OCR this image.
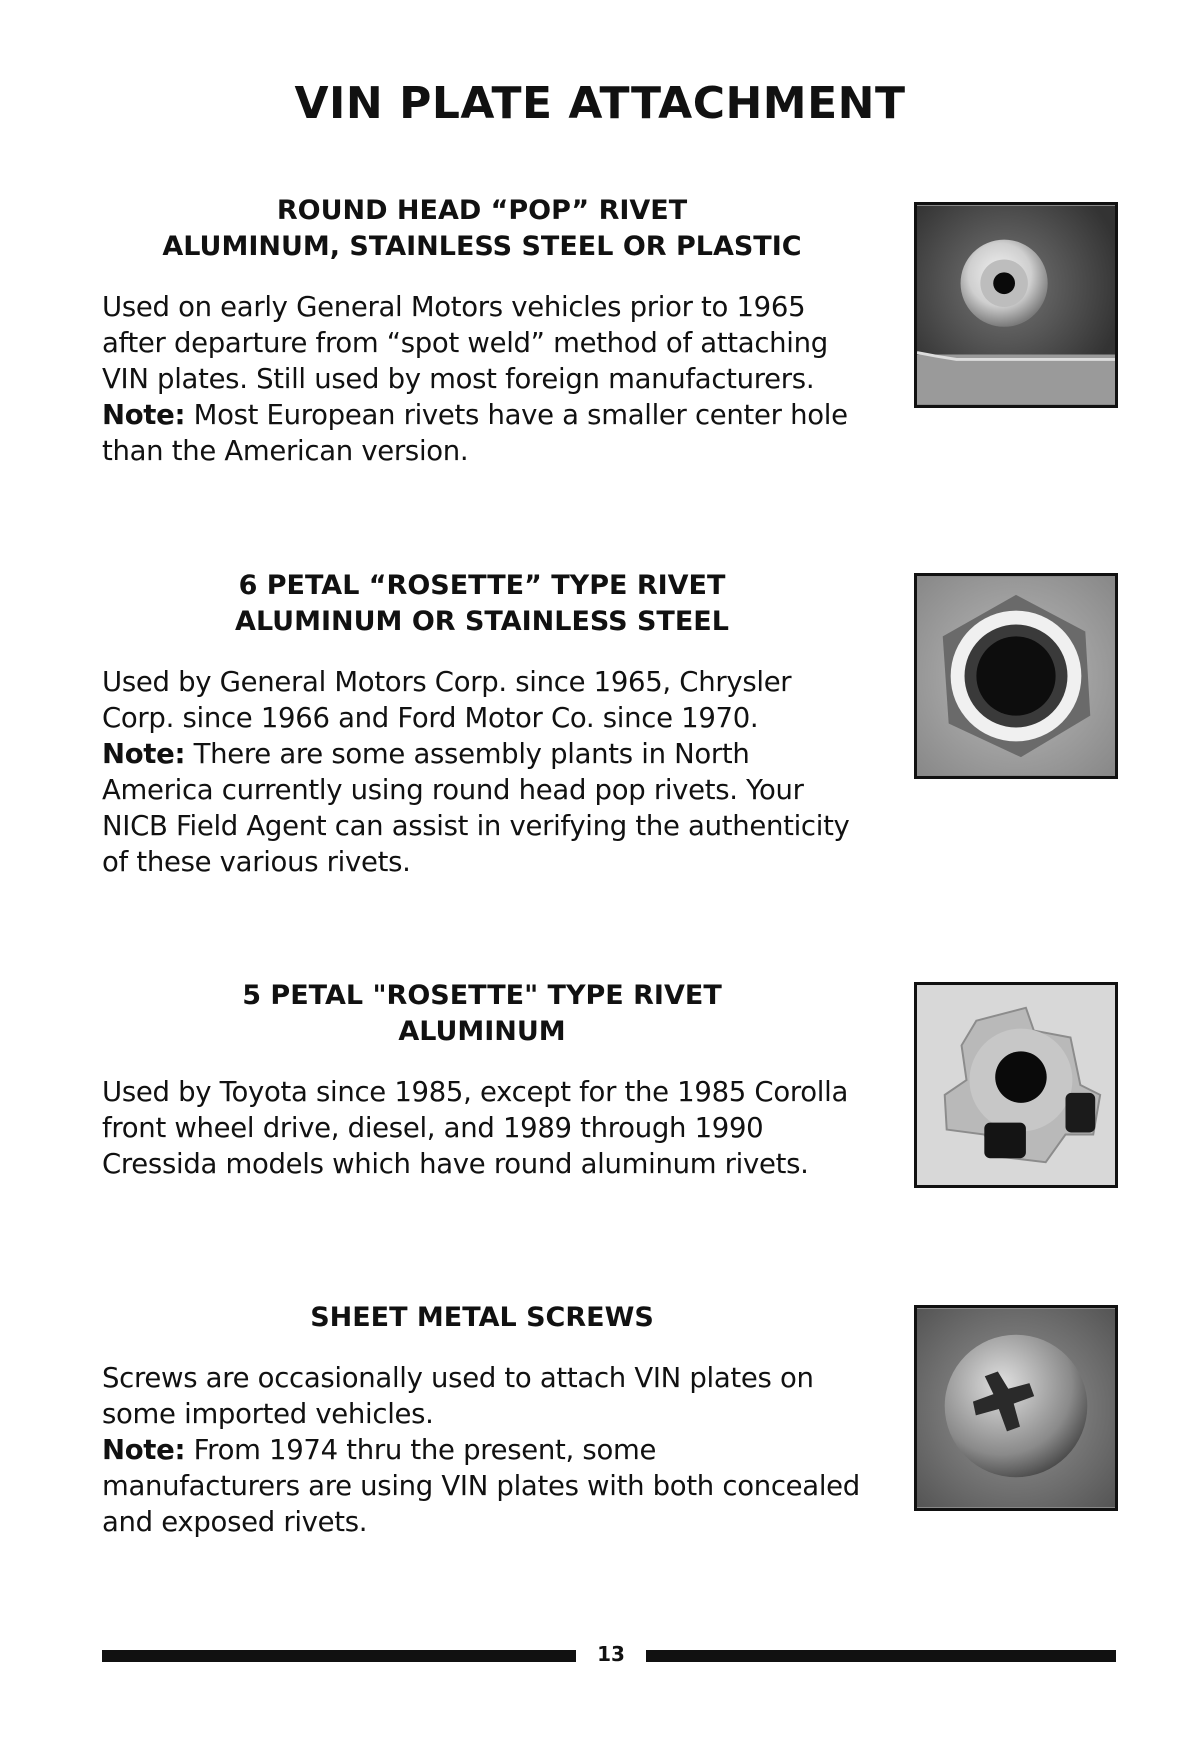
VIN PLATE ATTACHMENT
ROUND HEAD “POP” RIVET
ALUMINUM, STAINLESS STEEL OR PLASTIC

Used on early General Motors vehicles prior to 1965 after departure from “spot weld” method of attaching VIN plates. Still used by most foreign manufacturers.

Note: Most European rivets have a smaller center hole than the American version.

6 PETAL “ROSETTE” TYPE RIVET
ALUMINUM OR STAINLESS STEEL

Used by General Motors Corp. since 1965, Chrysler Corp. since 1966 and Ford Motor Co. since 1970.

Note: There are some assembly plants in North America currently using round head pop rivets. Your NICB Field Agent can assist in verifying the authenticity of these various rivets.

5 PETAL "ROSETTE" TYPE RIVET
ALUMINUM

Used by Toyota since 1985, except for the 1985 Corolla front wheel drive, diesel, and 1989 through 1990 Cressida models which have round aluminum rivets.

SHEET METAL SCREWS

Screws are occasionally used to attach VIN plates on some imported vehicles.

Note: From 1974 thru the present, some manufacturers are using VIN plates with both concealed and exposed rivets.

13
